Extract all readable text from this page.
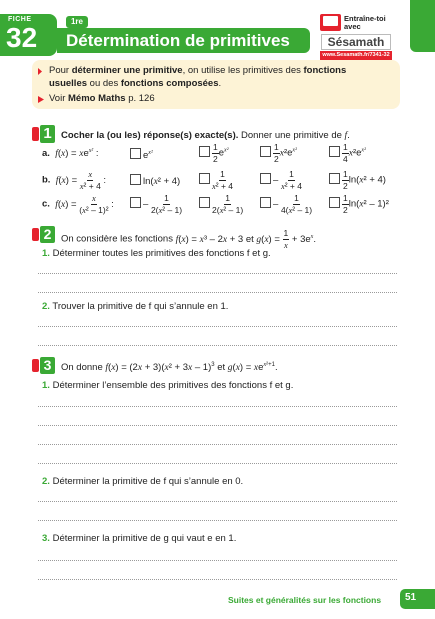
FICHE
32
1re
Détermination de primitives
Entraîne-toi
avec
Sésamath
www.Sesamath.fr/7341-32
Pour déterminer une primitive, on utilise les primitives des fonctions
usuelles ou des fonctions composées.
Voir Mémo Maths p. 126
1 Cocher la (ou les) réponse(s) exacte(s). Donner une primitive de f.
a. $f(x) = xe^{x^2}$ :	$e^{x^2}$	$\frac{1}{2} e^{x^2}$	$\frac{1}{2} x^2e^{x^2}$	$\frac{1}{4} x^2e^{x^2}$
b. $f(x) = \frac{x}{\text{x² + 4}}$ :	ln(x² + 4)	$\frac{1}{\text{x² + 4}}$	– $\frac{1}{\text{x² + 4}}$	$\frac{1}{2} \ln(x^2 + 4)$
c. $f(x) = \frac{x}{\text{(x² – 1)²}}$ :	– $\frac{1}{\text{2(x² – 1)}}$	$\frac{1}{\text{2(x² – 1)}}$	– $\frac{1}{\text{4(x² – 1)}}$	$\frac{1}{2} \ln(x^2 - 1)^2$
2	On considère les fonctions f(x) = x³ – 2x + 3 et $g(x) = \frac{1}{x} + 3e^x$.
1. Déterminer toutes les primitives des fonctions f et g.
2. Trouver la primitive de f qui s’annule en 1.
3	On donne $f(x) = (2x + 3)(x^2 + 3x - 1)^3$ et $g(x) = xe^{x^2+1}$.
1. Déterminer l’ensemble des primitives des fonctions f et g.
2. Déterminer la primitive de f qui s’annule en 0.
3. Déterminer la primitive de g qui vaut e en 1.
Suites et généralités sur les fonctions 51
